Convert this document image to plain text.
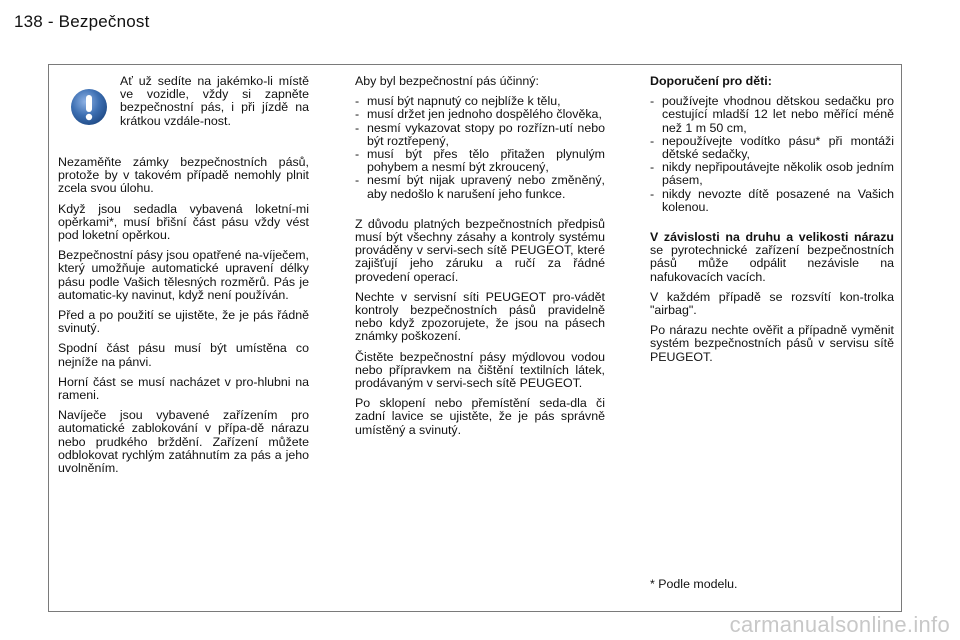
138 - Bezpečnost
Ať už sedíte na jakémko-li místě ve vozidle, vždy si zapněte bezpečnostní pás, i při jízdě na krátkou vzdále-nost.

Nezaměňte zámky bezpečnostních pásů, protože by v takovém případě nemohly plnit zcela svou úlohu.

Když jsou sedadla vybavená loketní-mi opěrkami*, musí břišní část pásu vždy vést pod loketní opěrkou.

Bezpečnostní pásy jsou opatřené na-víječem, který umožňuje automatické upravení délky pásu podle Vašich tělesných rozměrů. Pás je automatic-ky navinut, když není používán.

Před a po použití se ujistěte, že je pás řádně svinutý.

Spodní část pásu musí být umístěna co nejníže na pánvi.

Horní část se musí nacházet v pro-hlubni na rameni.

Navíječe jsou vybavené zařízením pro automatické zablokování v přípa-dě nárazu nebo prudkého brždění. Zařízení můžete odblokovat rychlým zatáhnutím za pás a jeho uvolněním.

Aby byl bezpečnostní pás účinný:

- musí být napnutý co nejblíže k tělu,
- musí držet jen jednoho dospělého člověka,
- nesmí vykazovat stopy po rozřízn-utí nebo být roztřepený,
- musí být přes tělo přitažen plynulým pohybem a nesmí být zkroucený,
- nesmí být nijak upravený nebo změněný, aby nedošlo k narušení jeho funkce.

Z důvodu platných bezpečnostních předpisů musí být všechny zásahy a kontroly systému prováděny v servi-sech sítě PEUGEOT, které zajišťují jeho záruku a ručí za řádné provedení operací.

Nechte v servisní síti PEUGEOT pro-vádět kontroly bezpečnostních pásů pravidelně nebo když zpozorujete, že jsou na pásech známky poškození.

Čistěte bezpečnostní pásy mýdlovou vodou nebo přípravkem na čištění textilních látek, prodávaným v servi-sech sítě PEUGEOT.

Po sklopení nebo přemístění seda-dla či zadní lavice se ujistěte, že je pás správně umístěný a svinutý.

Doporučení pro děti:

- používejte vhodnou dětskou sedačku pro cestující mladší 12 let nebo měřící méně než 1 m 50 cm,
- nepoužívejte vodítko pásu* při montáži dětské sedačky,
- nikdy nepřipoutávejte několik osob jedním pásem,
- nikdy nevozte dítě posazené na Vašich kolenou.

V závislosti na druhu a velikosti nárazu se pyrotechnické zařízení bezpečnostních pásů může odpálit nezávisle na nafukovacích vacích.

V každém případě se rozsvítí kon-trolka "airbag".

Po nárazu nechte ověřit a případně vyměnit systém bezpečnostních pásů v servisu sítě PEUGEOT.

* Podle modelu.
carmanualsonline.info
